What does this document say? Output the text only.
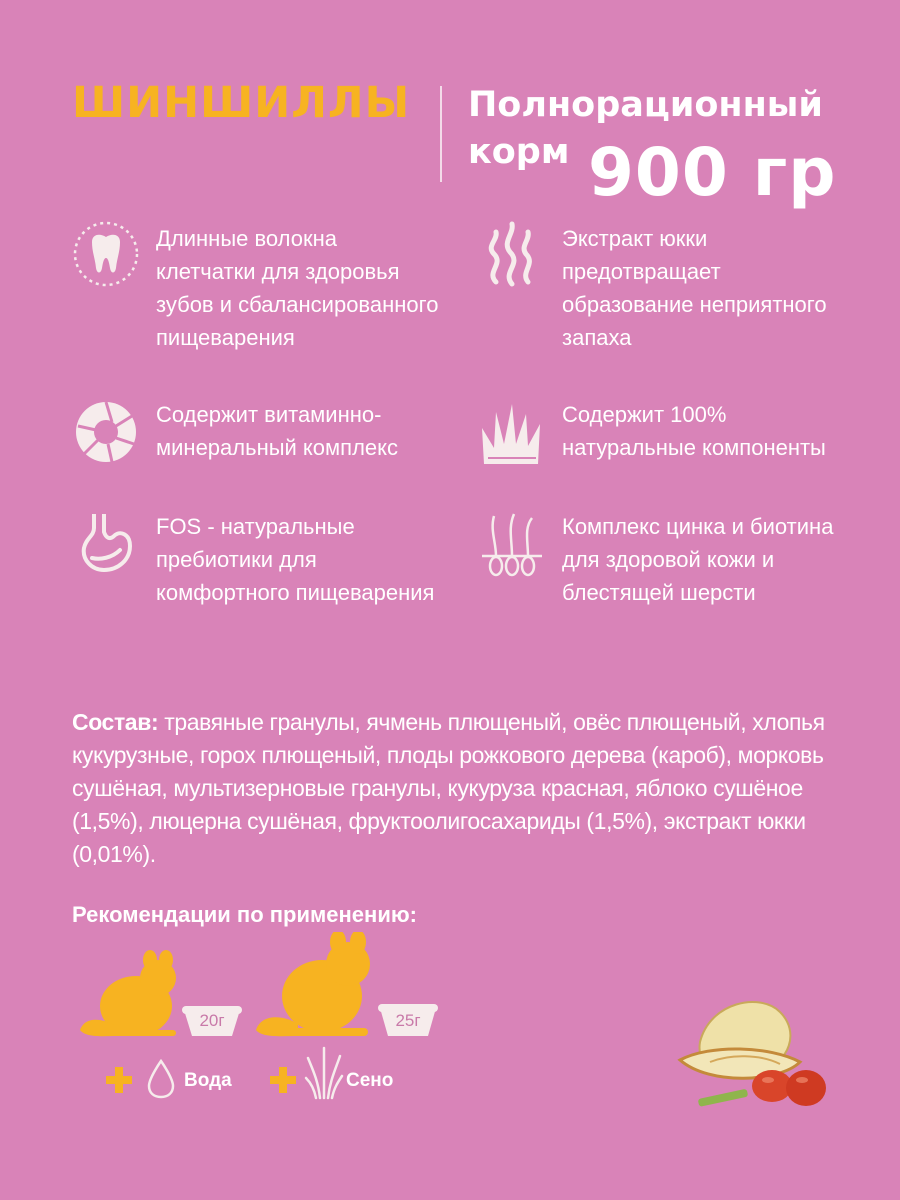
ШИНШИЛЛЫ Полнорационный
корм 900 гр
Длинные волокна
клетчатки для здоровья
зубов и сбалансированного
пищеварения
Экстракт юкки
предотвращает
образование неприятного
запаха
Содержит витаминно-
минеральный комплекс
Содержит 100%
натуральные компоненты
FOS - натуральные
пребиотики для
комфортного пищеварения
Комплекс цинка и биотина
для здоровой кожи и
блестящей шерсти
Состав: травяные гранулы, ячмень плющеный, овёс плющеный, хлопья
кукурузные, горох плющеный, плоды рожкового дерева (кароб), морковь
сушёная, мультизерновые гранулы, кукуруза красная, яблоко сушёное
(1,5%), люцерна сушёная, фруктоолигосахариды (1,5%), экстракт юкки (0,01%).
Рекомендации по применению:
20г	25г
Вода	Сено
